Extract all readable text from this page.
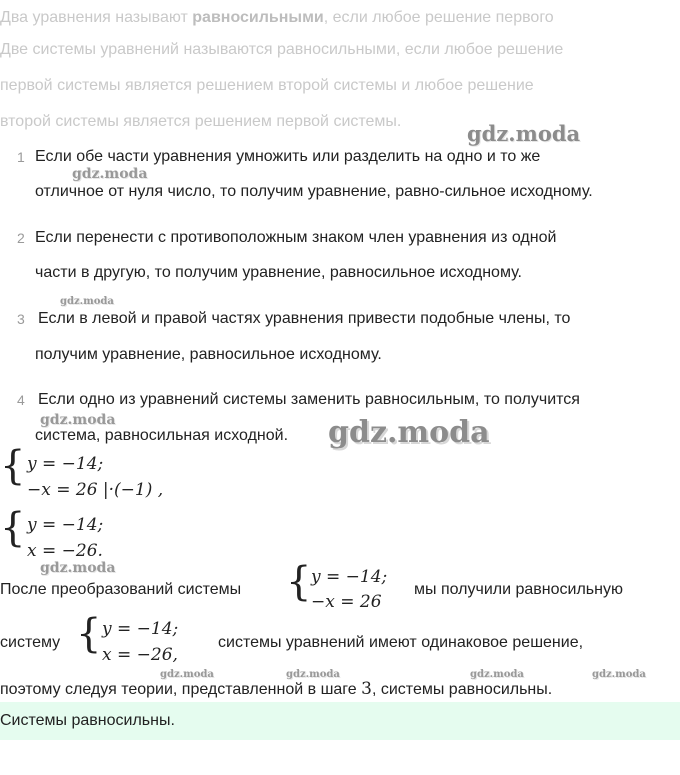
Два уравнения называют равносильными, если любое решение первого
Две системы уравнений называются равносильными, если любое решение
первой системы является решением второй системы и любое решение
второй системы является решением первой системы.	gdz.moda
gdz.moda
gdz.moda
gdz.moda	gdz.moda
gdz.moda
gdz.moda	gdz.moda	gdz.moda	gdz.moda
1 Если обе части уравнения умножить или разделить на одно и то же
отличное от нуля число, то получим уравнение, равно-сильное исходному.
2 Если перенести с противоположным знаком член уравнения из одной
части в другую, то получим уравнение, равносильное исходному.
3 Если в левой и правой частях уравнения привести подобные члены, то
получим уравнение, равносильное исходному.
4 Если одно из уравнений системы заменить равносильным, то получится
система, равносильная исходной.
{ y = −14;
−x = 26 |·(−1) ,
{ y = −14;
x = −26.
После преобразований системы { y = −14;
−x = 26
мы получили равносильную
систему { y = −14;
x = −26,
системы уравнений имеют одинаковое решение,
поэтому следуя теории, представленной в шаге 3, системы равносильны.
Системы равносильны.
